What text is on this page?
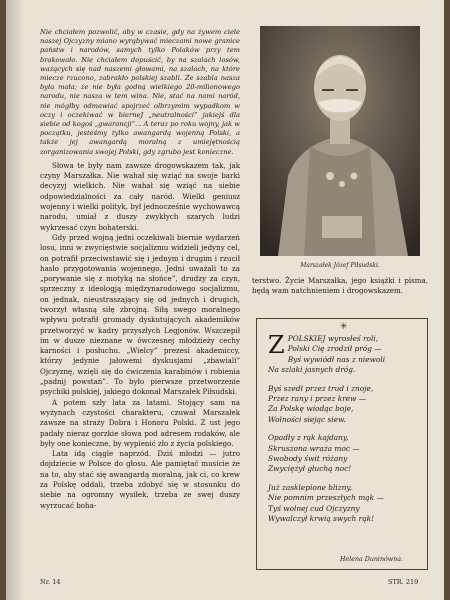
Nie chciałem pozwolić, aby w czasie, gdy na żywem ciele naszej Ojczyzny miano wyrąbywać mieczami nowe granice państw i narodów, samych tylko Polaków przy tem brakowało. Nie chciałem dopuścić, by na szalach losów, ważących się nad naszemi głowami, na szalach, na które miecze rzucono, zabrakło polskiej szabli. Że szabla nasza była mała; że nie była godną wielkiego 20-milionowego narodu, nie nasza w tem wina. Nie, stać na nami naród, nie mógłby odmawiać spojrzeć olbrzymim wypadkom w oczy i oczekiwać w bierneJ „neutralności” jakiejś dla siebie od kogoś „gwarancji”... A teraz po roku wojny, jak w początku, jesteśmy tylko awangardą wojenną Polski, a także jej awangardą moralną z umiejętnością zorganizowania swojej Polski, gdy zgrubo jest konieczne.

Słowa te były nam zawsze drogowskazem tak, jak czyny Marszałka. Nie wahał się wziąć na swoje barki decyzyj wielkich. Nie wahał się wziąć na siebie odpowiedzialności za cały naród. Wielki geniusz wojenny i wielki polityk, był jednocześnie wychowawcą narodu, umiał z duszy zwykłych szarych ludzi wykrzesać czyn bohaterski.

Gdy przed wojną jedni oczekiwali biernie wydarzeń losu, inni w zwycięstwie socjalizmu widzieli jedyny cel, on potrafił przeciwstawić się i jednym i drugim i rzucił hasło przygotowania wojennego. Jedni uważali to za „porywanie się z motyką na słońce”, drudzy za czyn, sprzeczny z ideologją międzynarodowego socjalizmu, on jednak, nieustraszający się od jednych i drugich, tworzył własną siłę zbrojną. Siłą swego moralnego wpływu potrafił gromady dyskutujących akademików przetworzyć w kadry przyszłych Legjonów. Wszczepił im w dusze nieznane w ówczesnej młodzieży cechy karności i posłuchu. „Wielcy” prezesi akademiccy, którzy jedynie jałowemi dyskusjami „zbawiali” Ojczyznę, wzięli się do ćwiczenia karabinów i robienia „padnij powstań”. To było pierwsze przetworzenie psychiki polskiej, jakiego dokonał Marszałek Piłsudski.

A potem szły lata za latami. Stojący sam na wyżynach czystości charakteru, czuwał Marszałek zawsze na straży Dobra i Honoru Polski. Z ust jego padały nieraz gorzkie słowa pod adresem rodaków, ale były one konieczne, by wypienić zło z życia polskiego.

Lata idą ciągle naprzód. Dziś młodzi — jutro dojdziecie w Polsce do głosu. Ale pamiętać musicie że na to, aby stać się awangardą moralną, jak ci, co krew za Polskę oddali, trzeba zdobyć się w stosunku do siebie na ogromny wysiłek, trzeba ze swej duszy wyrzucać boha-

Marszałek Józef Piłsudski.
terstwo. Życie Marszałka, jego książki i pisma, będą wam natchnieniem i drogowskazem.
✳
Z POLSKIEJ wyrosłeś roli,
Polski Cię zrodził próg —
Byś wywiódł nas z niewoli
Na szlaki jasnych dróg.
Byś szedł przez trud i znoje,
Przez rany i przez krew —
Za Polskę wiodąc boje,
Wolności siejąc siew.
Opadły z rąk kajdany,
Skruszona wraża moc —
Swobody świt różany
Zwyciężył głuchą noc!
Już zasklepione blizny,
Nie pomnim przeszłych mąk —
Tyś wolnej cud Ojczyzny
Wywalczył krwią swych rąk!
Helena Duninówna.
Nr. 14	STR. 219
